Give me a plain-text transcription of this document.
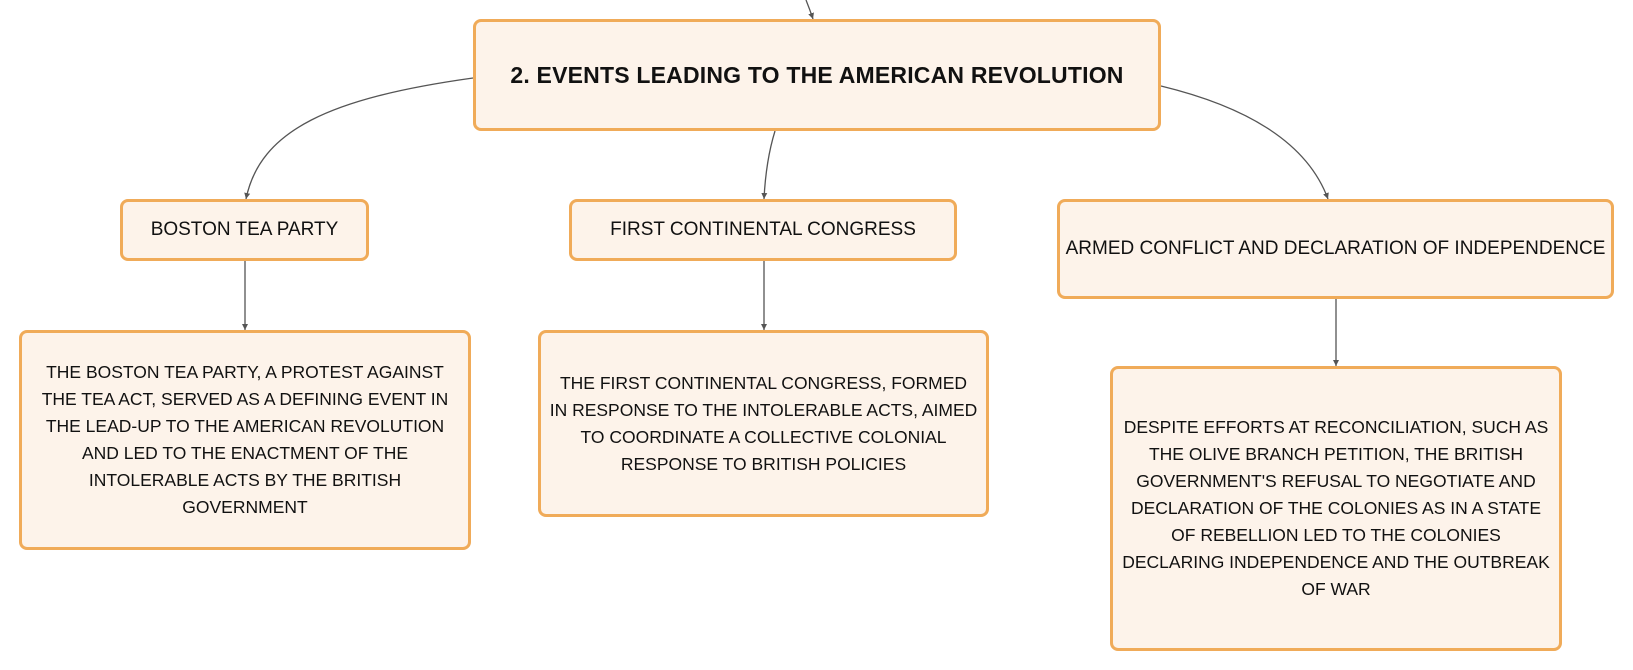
2. EVENTS LEADING TO THE AMERICAN REVOLUTION
BOSTON TEA PARTY	FIRST CONTINENTAL CONGRESS
ARMED CONFLICT AND DECLARATION OF INDEPENDENCE
THE BOSTON TEA PARTY, A PROTEST AGAINST THE TEA ACT, SERVED AS A DEFINING EVENT IN THE LEAD-UP TO THE AMERICAN REVOLUTION AND LED TO THE ENACTMENT OF THE INTOLERABLE ACTS BY THE BRITISH GOVERNMENT
THE FIRST CONTINENTAL CONGRESS, FORMED IN RESPONSE TO THE INTOLERABLE ACTS, AIMED TO COORDINATE A COLLECTIVE COLONIAL RESPONSE TO BRITISH POLICIES
DESPITE EFFORTS AT RECONCILIATION, SUCH AS THE OLIVE BRANCH PETITION, THE BRITISH GOVERNMENT'S REFUSAL TO NEGOTIATE AND DECLARATION OF THE COLONIES AS IN A STATE OF REBELLION LED TO THE COLONIES DECLARING INDEPENDENCE AND THE OUTBREAK OF WAR
